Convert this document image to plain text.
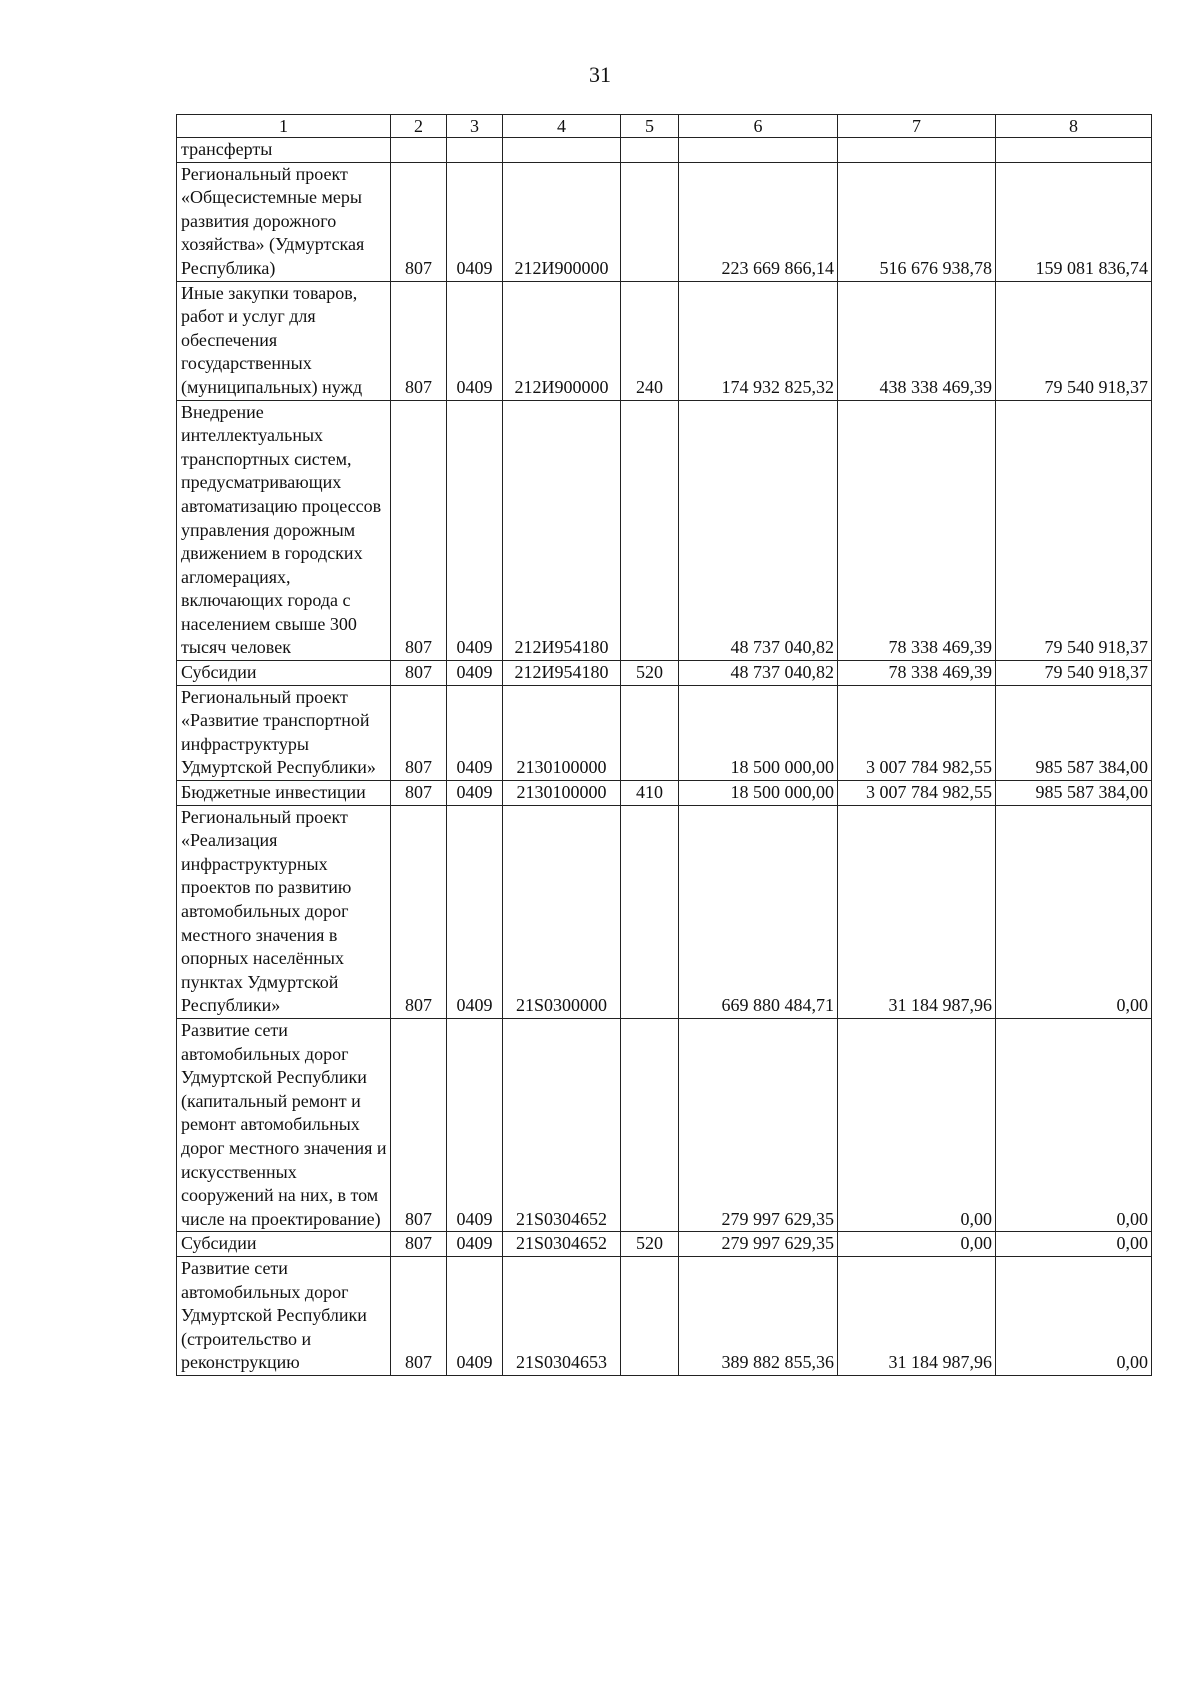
31
1	2	3	4	5	6	7	8
трансферты							
Региональный проект «Общесистемные меры развития дорожного хозяйства» (Удмуртская Республика)	807	0409	212И900000		223 669 866,14	516 676 938,78	159 081 836,74
Иные закупки товаров, работ и услуг для обеспечения государственных (муниципальных) нужд	807	0409	212И900000	240	174 932 825,32	438 338 469,39	79 540 918,37
Внедрение интеллектуальных транспортных систем, предусматривающих автоматизацию процессов управления дорожным движением в городских агломерациях, включающих города с населением свыше 300 тысяч человек	807	0409	212И954180		48 737 040,82	78 338 469,39	79 540 918,37
Субсидии	807	0409	212И954180	520	48 737 040,82	78 338 469,39	79 540 918,37
Региональный проект «Развитие транспортной инфраструктуры Удмуртской Республики»	807	0409	2130100000		18 500 000,00	3 007 784 982,55	985 587 384,00
Бюджетные инвестиции	807	0409	2130100000	410	18 500 000,00	3 007 784 982,55	985 587 384,00
Региональный проект «Реализация инфраструктурных проектов по развитию автомобильных дорог местного значения в опорных населённых пунктах Удмуртской Республики»	807	0409	21S0300000		669 880 484,71	31 184 987,96	0,00
Развитие сети автомобильных дорог Удмуртской Республики (капитальный ремонт и ремонт автомобильных дорог местного значения и искусственных сооружений на них, в том числе на проектирование)	807	0409	21S0304652		279 997 629,35	0,00	0,00
Субсидии	807	0409	21S0304652	520	279 997 629,35	0,00	0,00
Развитие сети автомобильных дорог Удмуртской Республики (строительство и реконструкцию	807	0409	21S0304653		389 882 855,36	31 184 987,96	0,00
